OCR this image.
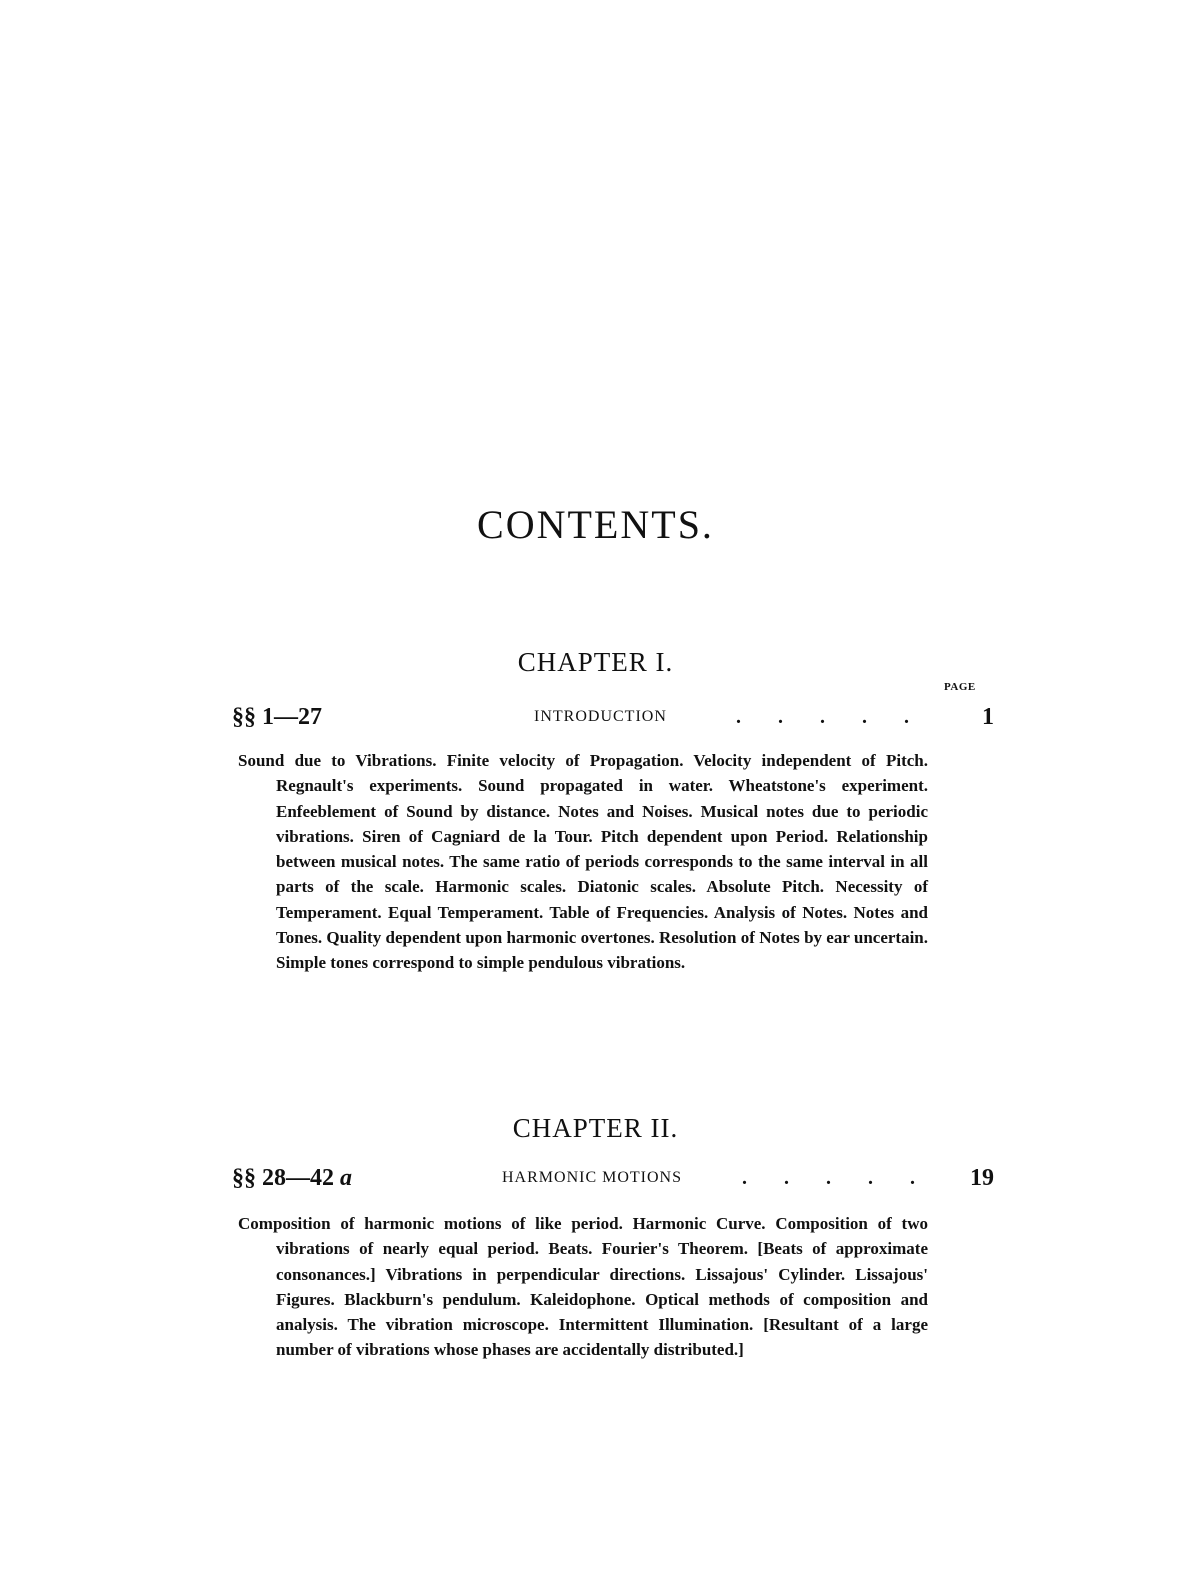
CONTENTS.
CHAPTER I.
PAGE
§§ 1—27	INTRODUCTION	. . . . .	1

Sound due to Vibrations. Finite velocity of Propagation. Velocity independent of Pitch. Regnault's experiments. Sound propagated in water. Wheatstone's experiment. Enfeeblement of Sound by distance. Notes and Noises. Musical notes due to periodic vibrations. Siren of Cagniard de la Tour. Pitch dependent upon Period. Relationship between musical notes. The same ratio of periods corresponds to the same interval in all parts of the scale. Harmonic scales. Diatonic scales. Absolute Pitch. Necessity of Temperament. Equal Temperament. Table of Frequencies. Analysis of Notes. Notes and Tones. Quality dependent upon harmonic overtones. Resolution of Notes by ear uncertain. Simple tones correspond to simple pendulous vibrations.

CHAPTER II.
§§ 28—42 a	HARMONIC MOTIONS	. . . . . 19

Composition of harmonic motions of like period. Harmonic Curve. Composition of two vibrations of nearly equal period. Beats. Fourier's Theorem. [Beats of approximate consonances.] Vibrations in perpendicular directions. Lissajous' Cylinder. Lissajous' Figures. Blackburn's pendulum. Kaleidophone. Optical methods of composition and analysis. The vibration microscope. Intermittent Illumination. [Resultant of a large number of vibrations whose phases are accidentally distributed.]
